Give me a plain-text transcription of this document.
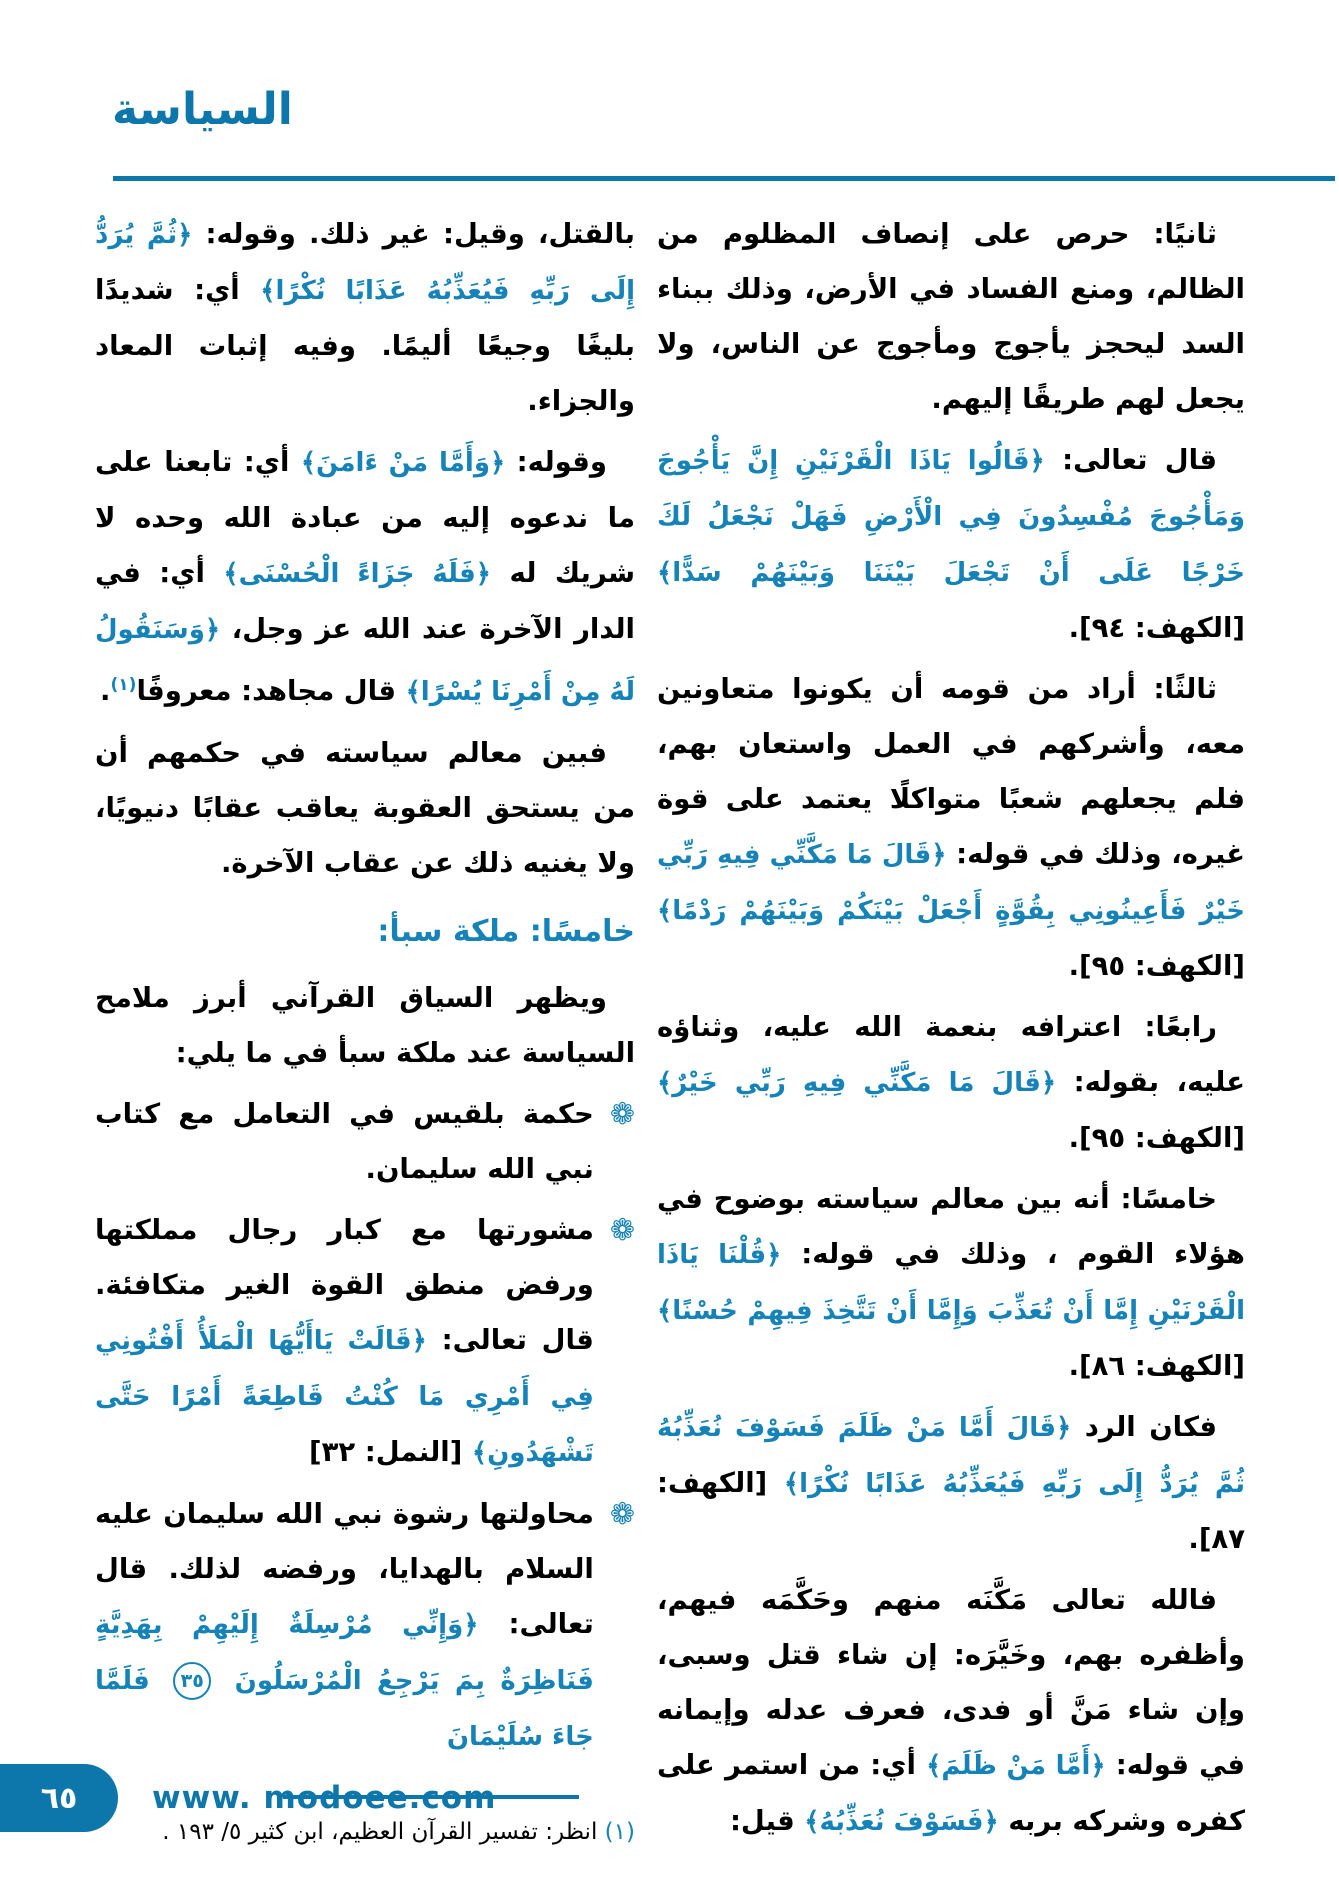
السياسة

ثانيًا: حرص على إنصاف المظلوم من الظالم، ومنع الفساد في الأرض، وذلك ببناء السد ليحجز يأجوج ومأجوج عن الناس، ولا يجعل لهم طريقًا إليهم.

قال تعالى: ﴿قَالُوا يَاذَا الْقَرْنَيْنِ إِنَّ يَأْجُوجَ وَمَأْجُوجَ مُفْسِدُونَ فِي الْأَرْضِ فَهَلْ نَجْعَلُ لَكَ خَرْجًا عَلَى أَنْ تَجْعَلَ بَيْنَنَا وَبَيْنَهُمْ سَدًّا﴾ [الكهف: ٩٤].

ثالثًا: أراد من قومه أن يكونوا متعاونين معه، وأشركهم في العمل واستعان بهم، فلم يجعلهم شعبًا متواكلًا يعتمد على قوة غيره، وذلك في قوله: ﴿قَالَ مَا مَكَّنِّي فِيهِ رَبِّي خَيْرٌ فَأَعِينُونِي بِقُوَّةٍ أَجْعَلْ بَيْنَكُمْ وَبَيْنَهُمْ رَدْمًا﴾ [الكهف: ٩٥].

رابعًا: اعترافه بنعمة الله عليه، وثناؤه عليه، بقوله: ﴿قَالَ مَا مَكَّنِّي فِيهِ رَبِّي خَيْرٌ﴾ [الكهف: ٩٥].

خامسًا: أنه بين معالم سياسته بوضوح في هؤلاء القوم ، وذلك في قوله: ﴿قُلْنَا يَاذَا الْقَرْنَيْنِ إِمَّا أَنْ تُعَذِّبَ وَإِمَّا أَنْ تَتَّخِذَ فِيهِمْ حُسْنًا﴾ [الكهف: ٨٦].

فكان الرد ﴿قَالَ أَمَّا مَنْ ظَلَمَ فَسَوْفَ نُعَذِّبُهُ ثُمَّ يُرَدُّ إِلَى رَبِّهِ فَيُعَذِّبُهُ عَذَابًا نُكْرًا﴾ [الكهف: ٨٧].

فالله تعالى مَكَّنَه منهم وحَكَّمَه فيهم، وأظفره بهم، وخَيَّرَه: إن شاء قتل وسبى، وإن شاء مَنَّ أو فدى، فعرف عدله وإيمانه في قوله: ﴿أَمَّا مَنْ ظَلَمَ﴾ أي: من استمر على كفره وشركه بربه ﴿فَسَوْفَ نُعَذِّبُهُ﴾ قيل:

بالقتل، وقيل: غير ذلك. وقوله: ﴿ثُمَّ يُرَدُّ إِلَى رَبِّهِ فَيُعَذِّبُهُ عَذَابًا نُكْرًا﴾ أي: شديدًا بليغًا وجيعًا أليمًا. وفيه إثبات المعاد والجزاء.

وقوله: ﴿وَأَمَّا مَنْ ءَامَنَ﴾ أي: تابعنا على ما ندعوه إليه من عبادة الله وحده لا شريك له ﴿فَلَهُ جَزَاءً الْحُسْنَى﴾ أي: في الدار الآخرة عند الله عز وجل، ﴿وَسَنَقُولُ لَهُ مِنْ أَمْرِنَا يُسْرًا﴾ قال مجاهد: معروفًا$^{(١)}$.

فبين معالم سياسته في حكمهم أن من يستحق العقوبة يعاقب عقابًا دنيويًا، ولا يغنيه ذلك عن عقاب الآخرة.

خامسًا: ملكة سبأ:

ويظهر السياق القرآني أبرز ملامح السياسة عند ملكة سبأ في ما يلي:

❁

حكمة بلقيس في التعامل مع كتاب نبي الله سليمان.

❁

مشورتها مع كبار رجال مملكتها ورفض منطق القوة الغير متكافئة. قال تعالى: ﴿قَالَتْ يَاأَيُّهَا الْمَلَأُ أَفْتُونِي فِي أَمْرِي مَا كُنْتُ قَاطِعَةً أَمْرًا حَتَّى تَشْهَدُونِ﴾ [النمل: ٣٢]

❁

محاولتها رشوة نبي الله سليمان عليه السلام بالهدايا، ورفضه لذلك. قال تعالى: ﴿وَإِنِّي مُرْسِلَةٌ إِلَيْهِمْ بِهَدِيَّةٍ فَنَاظِرَةٌ بِمَ يَرْجِعُ الْمُرْسَلُونَ ٣٥ فَلَمَّا جَاءَ سُلَيْمَانَ

(١) انظر: تفسير القرآن العظيم، ابن كثير ٥/ ١٩٣ .

٦٥ www. modoee.com
